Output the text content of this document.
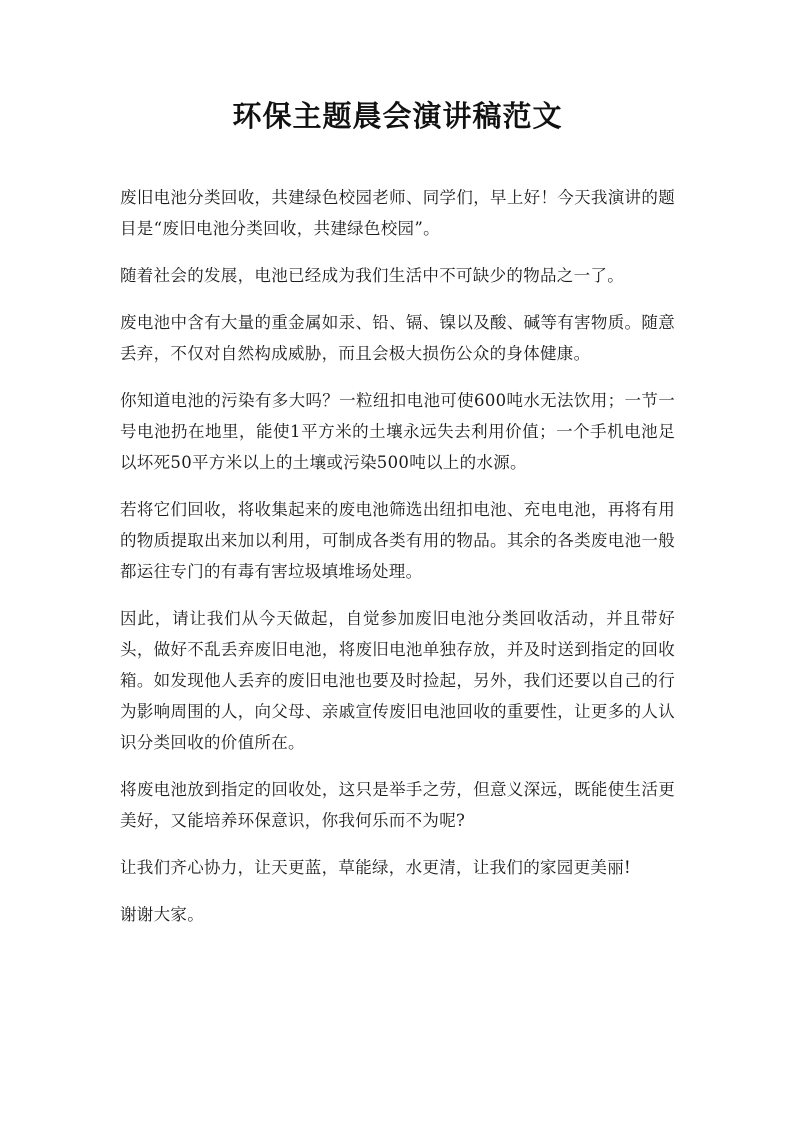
环保主题晨会演讲稿范文

废旧电池分类回收，共建绿色校园老师、同学们，早上好！今天我演讲的题目是“废旧电池分类回收，共建绿色校园”。

随着社会的发展，电池已经成为我们生活中不可缺少的物品之一了。

废电池中含有大量的重金属如汞、铅、镉、镍以及酸、碱等有害物质。随意丢弃，不仅对自然构成威胁，而且会极大损伤公众的身体健康。

你知道电池的污染有多大吗？一粒纽扣电池可使600吨水无法饮用；一节一号电池扔在地里，能使1平方米的土壤永远失去利用价值；一个手机电池足以坏死50平方米以上的土壤或污染500吨以上的水源。

若将它们回收，将收集起来的废电池筛选出纽扣电池、充电电池，再将有用的物质提取出来加以利用，可制成各类有用的物品。其余的各类废电池一般都运往专门的有毒有害垃圾填堆场处理。

因此，请让我们从今天做起，自觉参加废旧电池分类回收活动，并且带好头，做好不乱丢弃废旧电池，将废旧电池单独存放，并及时送到指定的回收箱。如发现他人丢弃的废旧电池也要及时捡起，另外，我们还要以自己的行为影响周围的人，向父母、亲戚宣传废旧电池回收的重要性，让更多的人认识分类回收的价值所在。

将废电池放到指定的回收处，这只是举手之劳，但意义深远，既能使生活更美好，又能培养环保意识，你我何乐而不为呢?

让我们齐心协力，让天更蓝，草能绿，水更清，让我们的家园更美丽!

谢谢大家。
